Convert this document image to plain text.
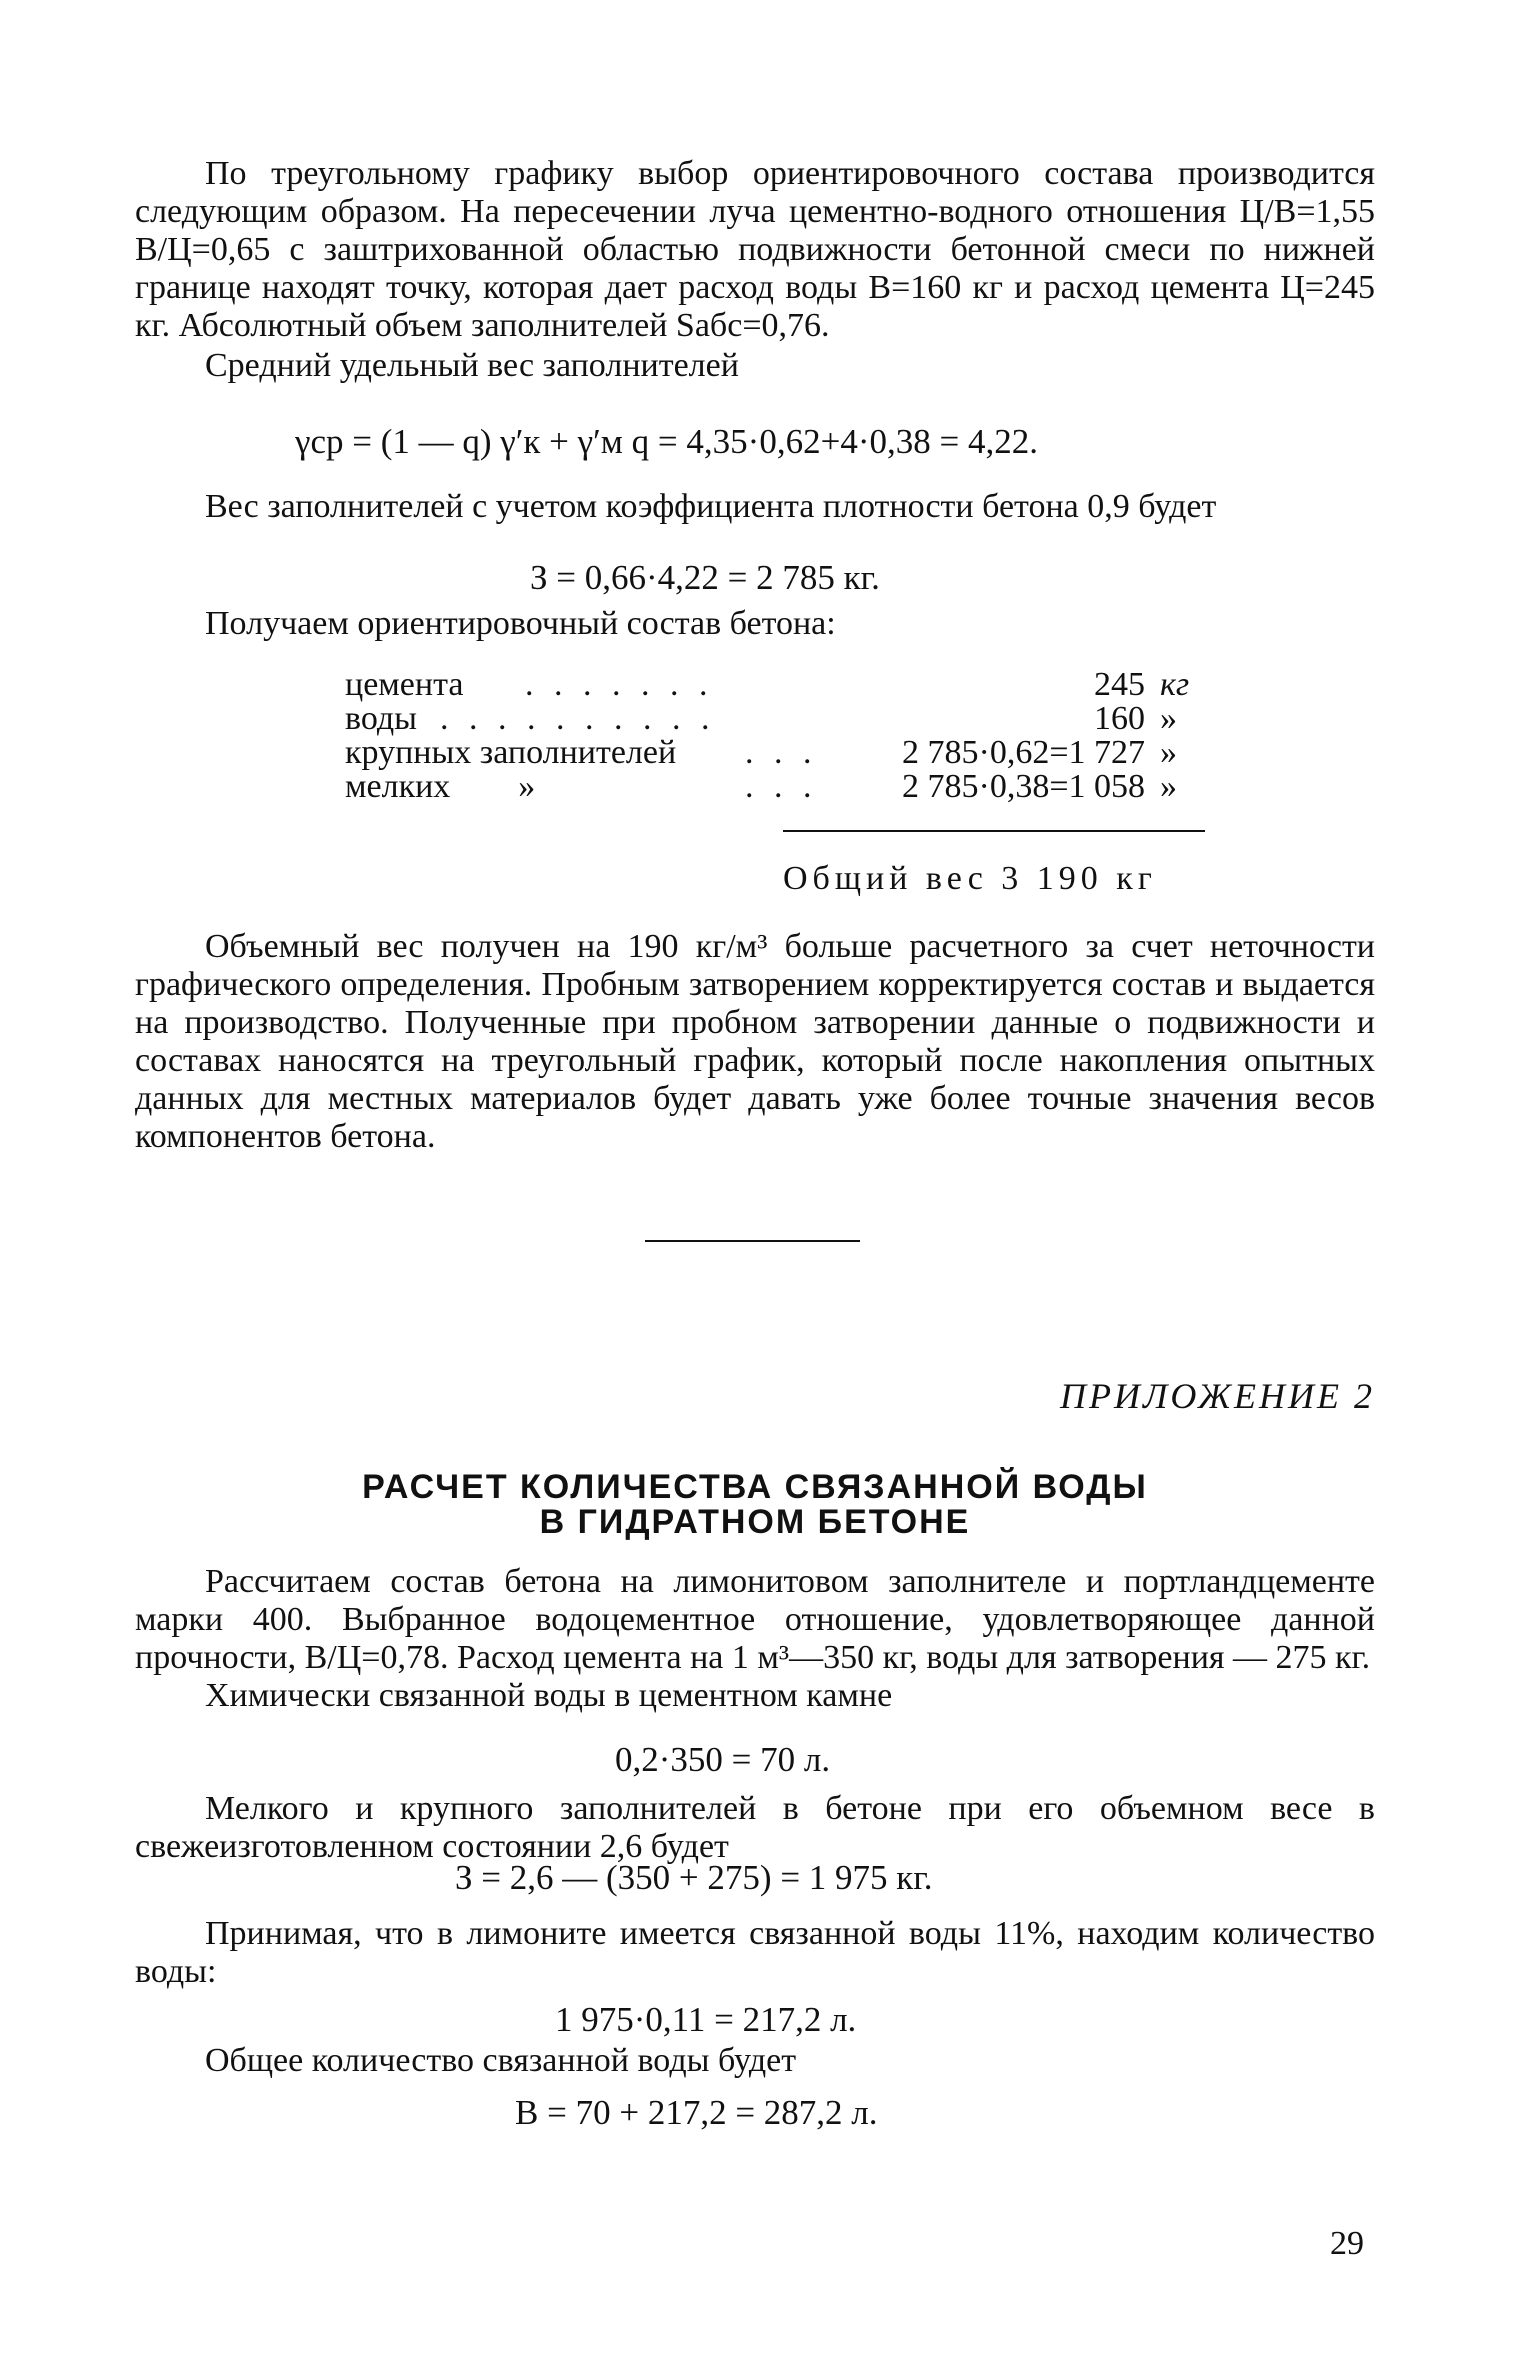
По треугольному графику выбор ориентировочного состава производится следующим образом. На пересечении луча цементно-водного отношения Ц/В=1,55 В/Ц=0,65 с заштрихованной областью подвижности бетонной смеси по нижней границе находят точку, которая дает расход воды В=160 кг и расход цемента Ц=245 кг. Абсолютный объем заполнителей Sабс=0,76.

Средний удельный вес заполнителей

γср = (1 — q) γ′к + γ′м q = 4,35·0,62+4·0,38 = 4,22.

Вес заполнителей с учетом коэффициента плотности бетона 0,9 будет

З = 0,66·4,22 = 2 785 кг.

Получаем ориентировочный состав бетона:

цемента . . . . . . .	245 кг
воды . . . . . . . . . .	160 »
крупных заполнителей . . . 2 785·0,62=1 727 »
мелких        »	. . . 2 785·0,38=1 058 »
Общий вес 3 190 кг

Объемный вес получен на 190 кг/м³ больше расчетного за счет неточности графического определения. Пробным затворением корректируется состав и выдается на производство. Полученные при пробном затворении данные о подвижности и составах наносятся на треугольный график, который после накопления опытных данных для местных материалов будет давать уже более точные значения весов компонентов бетона.

ПРИЛОЖЕНИЕ 2
РАСЧЕТ КОЛИЧЕСТВА СВЯЗАННОЙ ВОДЫ
В ГИДРАТНОМ БЕТОНЕ

Рассчитаем состав бетона на лимонитовом заполнителе и портландцементе марки 400. Выбранное водоцементное отношение, удовлетворяющее данной прочности, В/Ц=0,78. Расход цемента на 1 м³—350 кг, воды для затворения — 275 кг.

Химически связанной воды в цементном камне

0,2·350 = 70 л.

Мелкого и крупного заполнителей в бетоне при его объемном весе в свежеизготовленном состоянии 2,6 будет

З = 2,6 — (350 + 275) = 1 975 кг.

Принимая, что в лимоните имеется связанной воды 11%, находим количество воды:

1 975·0,11 = 217,2 л.

Общее количество связанной воды будет

В = 70 + 217,2 = 287,2 л.
29
